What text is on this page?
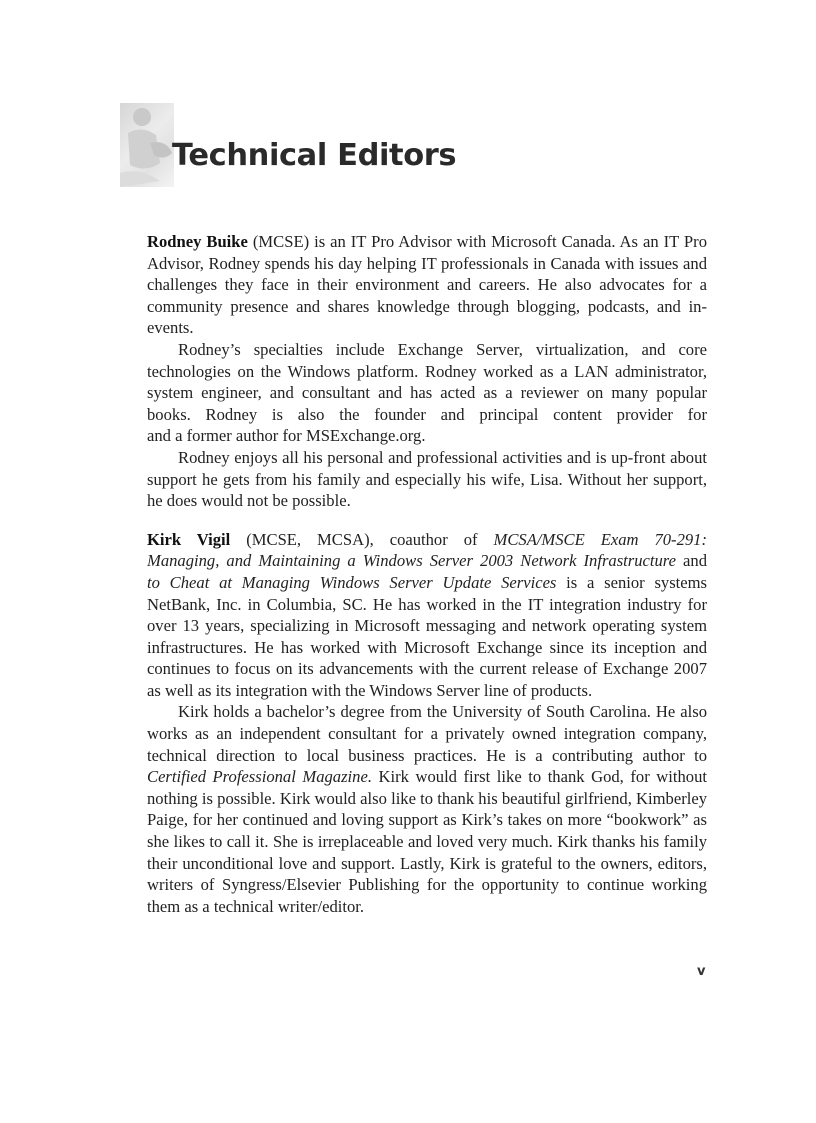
Technical Editors
Rodney Buike (MCSE) is an IT Pro Advisor with Microsoft Canada. As an IT Pro
Advisor, Rodney spends his day helping IT professionals in Canada with issues and
challenges they face in their environment and careers. He also advocates for a
community presence and shares knowledge through blogging, podcasts, and in-
events.
Rodney’s specialties include Exchange Server, virtualization, and core
technologies on the Windows platform. Rodney worked as a LAN administrator,
system engineer, and consultant and has acted as a reviewer on many popular
books. Rodney is also the founder and principal content provider for
and a former author for MSExchange.org.
Rodney enjoys all his personal and professional activities and is up-front about
support he gets from his family and especially his wife, Lisa. Without her support,
he does would not be possible.
Kirk Vigil (MCSE, MCSA), coauthor of MCSA/MSCE Exam 70-291:
Managing, and Maintaining a Windows Server 2003 Network Infrastructure and
to Cheat at Managing Windows Server Update Services is a senior systems
NetBank, Inc. in Columbia, SC. He has worked in the IT integration industry for
over 13 years, specializing in Microsoft messaging and network operating system
infrastructures. He has worked with Microsoft Exchange since its inception and
continues to focus on its advancements with the current release of Exchange 2007
as well as its integration with the Windows Server line of products.
Kirk holds a bachelor’s degree from the University of South Carolina. He also
works as an independent consultant for a privately owned integration company,
technical direction to local business practices. He is a contributing author to
Certified Professional Magazine. Kirk would first like to thank God, for without
nothing is possible. Kirk would also like to thank his beautiful girlfriend, Kimberley
Paige, for her continued and loving support as Kirk’s takes on more “bookwork” as
she likes to call it. She is irreplaceable and loved very much. Kirk thanks his family
their unconditional love and support. Lastly, Kirk is grateful to the owners, editors,
writers of Syngress/Elsevier Publishing for the opportunity to continue working
them as a technical writer/editor.
v
